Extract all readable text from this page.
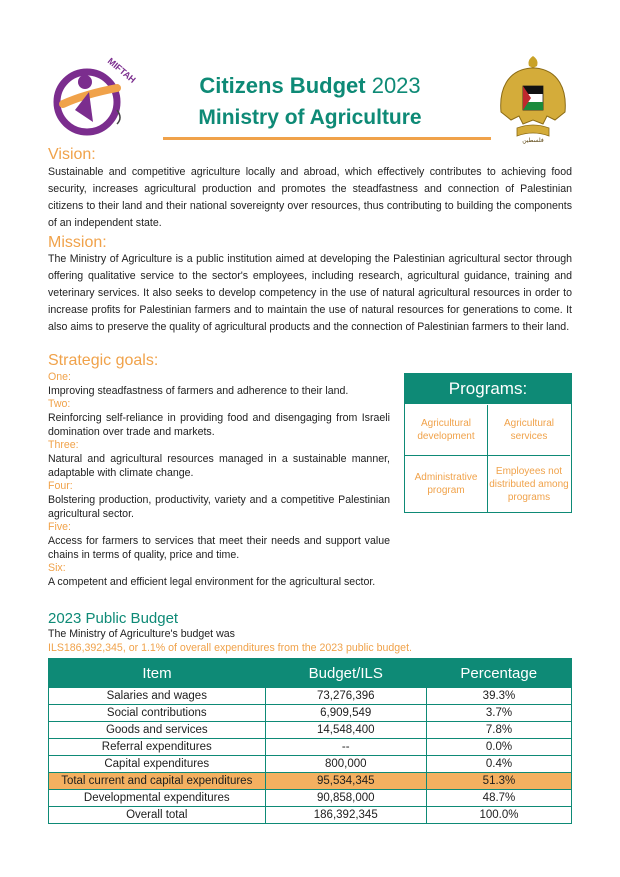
MIFTAH
فلسطين
Citizens Budget 2023
Ministry of Agriculture
Vision:

Sustainable and competitive agriculture locally and abroad, which effectively contributes to achieving food security, increases agricultural production and promotes the steadfastness and connection of Palestinian citizens to their land and their national sovereignty over resources, thus contributing to building the components of an independent state.

Mission:

The Ministry of Agriculture is a public institution aimed at developing the Palestinian agricultural sector through offering qualitative service to the sector's employees, including research, agricultural guidance, training and veterinary services. It also seeks to develop competency in the use of natural agricultural resources in order to increase profits for Palestinian farmers and to maintain the use of natural resources for generations to come. It also aims to preserve the quality of agricultural products and the connection of Palestinian farmers to their land.

Strategic goals:
One:
Improving steadfastness of farmers and adherence to their land.
Two:
Reinforcing self-reliance in providing food and disengaging from Israeli domination over trade and markets.
Three:
Natural and agricultural resources managed in a sustainable manner, adaptable with climate change.
Four:
Bolstering production, productivity, variety and a competitive Palestinian agricultural sector.
Five:
Access for farmers to services that meet their needs and support value chains in terms of quality, price and time.
Six:
A competent and efficient legal environment for the agricultural sector.
Programs:
Agricultural development
Agricultural services
Administrative program
Employees not distributed among programs
2023 Public Budget
The Ministry of Agriculture's budget was
ILS186,392,345, or 1.1% of overall expenditures from the 2023 public budget.
Item	Budget/ILS	Percentage
Salaries and wages	73,276,396	39.3%
Social contributions	6,909,549	3.7%
Goods and services	14,548,400	7.8%
Referral expenditures	--	0.0%
Capital expenditures	800,000	0.4%
Total current and capital expenditures	95,534,345	51.3%
Developmental expenditures	90,858,000	48.7%
Overall total	186,392,345	100.0%
